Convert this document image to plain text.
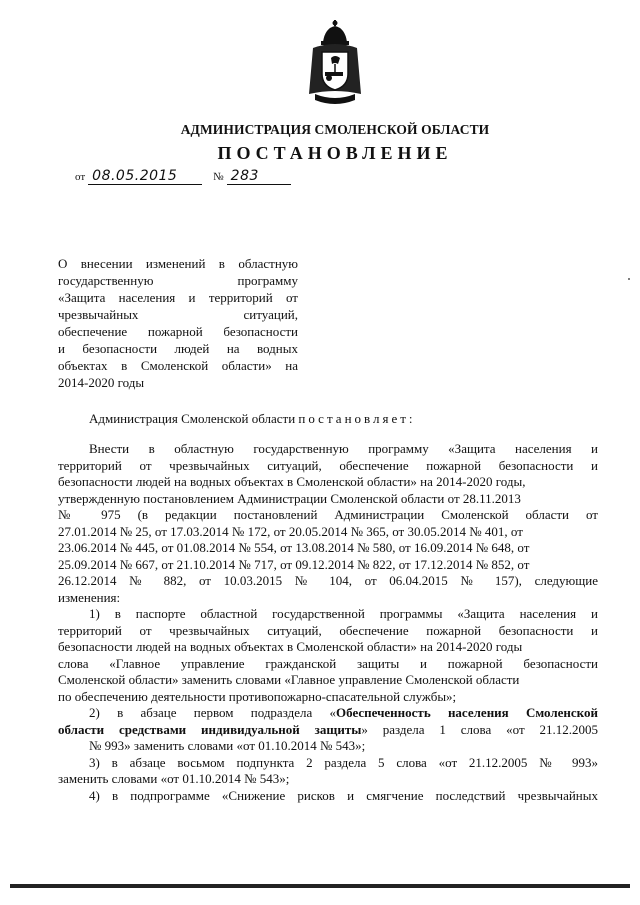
АДМИНИСТРАЦИЯ СМОЛЕНСКОЙ ОБЛАСТИ
ПОСТАНОВЛЕНИЕ
от 08.05.2015	№ 283
О внесении изменений в областную
государственную программу
«Защита населения и территорий от
чрезвычайных ситуаций,
обеспечение пожарной безопасности
и безопасности людей на водных
объектах в Смоленской области» на
2014-2020 годы
Администрация Смоленской области постановляет:
Внести в областную государственную программу «Защита населения и
территорий от чрезвычайных ситуаций, обеспечение пожарной безопасности и
безопасности людей на водных объектах в Смоленской области» на 2014-2020 годы,
утвержденную постановлением Администрации Смоленской области от 28.11.2013
№ 975 (в редакции постановлений Администрации Смоленской области от
27.01.2014 № 25, от 17.03.2014 № 172, от 20.05.2014 № 365, от 30.05.2014 № 401, от
23.06.2014 № 445, от 01.08.2014 № 554, от 13.08.2014 № 580, от 16.09.2014 № 648, от
25.09.2014 № 667, от 21.10.2014 № 717, от 09.12.2014 № 822, от 17.12.2014 № 852, от
26.12.2014 № 882, от 10.03.2015 № 104, от 06.04.2015 № 157), следующие
изменения:
1) в паспорте областной государственной программы «Защита населения и
территорий от чрезвычайных ситуаций, обеспечение пожарной безопасности и
безопасности людей на водных объектах в Смоленской области» на 2014-2020 годы
слова «Главное управление гражданской защиты и пожарной безопасности
Смоленской области» заменить словами «Главное управление Смоленской области
по обеспечению деятельности противопожарно-спасательной службы»;
2) в абзаце первом подраздела «Обеспеченность населения Смоленской
области средствами индивидуальной защиты» раздела 1 слова «от 21.12.2005
№ 993» заменить словами «от 01.10.2014 № 543»;
3) в абзаце восьмом подпункта 2 раздела 5 слова «от 21.12.2005 № 993»
заменить словами «от 01.10.2014 № 543»;
4) в подпрограмме «Снижение рисков и смягчение последствий чрезвычайных
